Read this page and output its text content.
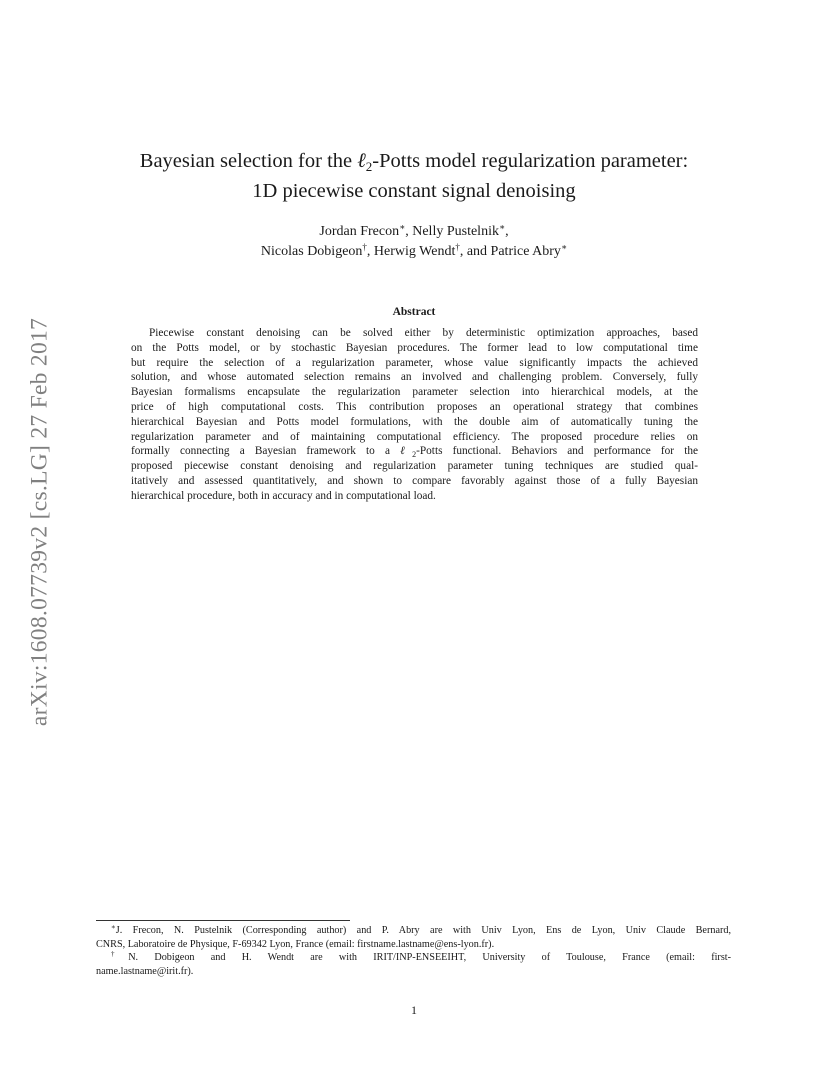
arXiv:1608.07739v2 [cs.LG] 27 Feb 2017
Bayesian selection for the ℓ2-Potts model regularization parameter:
1D piecewise constant signal denoising
Jordan Frecon∗, Nelly Pustelnik∗,
Nicolas Dobigeon†, Herwig Wendt†, and Patrice Abry∗
Abstract
Piecewise constant denoising can be solved either by deterministic optimization approaches, based
on the Potts model, or by stochastic Bayesian procedures. The former lead to low computational time
but require the selection of a regularization parameter, whose value significantly impacts the achieved
solution, and whose automated selection remains an involved and challenging problem. Conversely, fully
Bayesian formalisms encapsulate the regularization parameter selection into hierarchical models, at the
price of high computational costs. This contribution proposes an operational strategy that combines
hierarchical Bayesian and Potts model formulations, with the double aim of automatically tuning the
regularization parameter and of maintaining computational efficiency. The proposed procedure relies on
formally connecting a Bayesian framework to a ℓ$_2$-Potts functional. Behaviors and performance for the
proposed piecewise constant denoising and regularization parameter tuning techniques are studied qual-
itatively and assessed quantitatively, and shown to compare favorably against those of a fully Bayesian
hierarchical procedure, both in accuracy and in computational load.
∗J. Frecon, N. Pustelnik (Corresponding author) and P. Abry are with Univ Lyon, Ens de Lyon, Univ Claude Bernard,
CNRS, Laboratoire de Physique, F-69342 Lyon, France (email: firstname.lastname@ens-lyon.fr).
†N. Dobigeon and H. Wendt are with IRIT/INP-ENSEEIHT, University of Toulouse, France (email: first-
name.lastname@irit.fr).
1
